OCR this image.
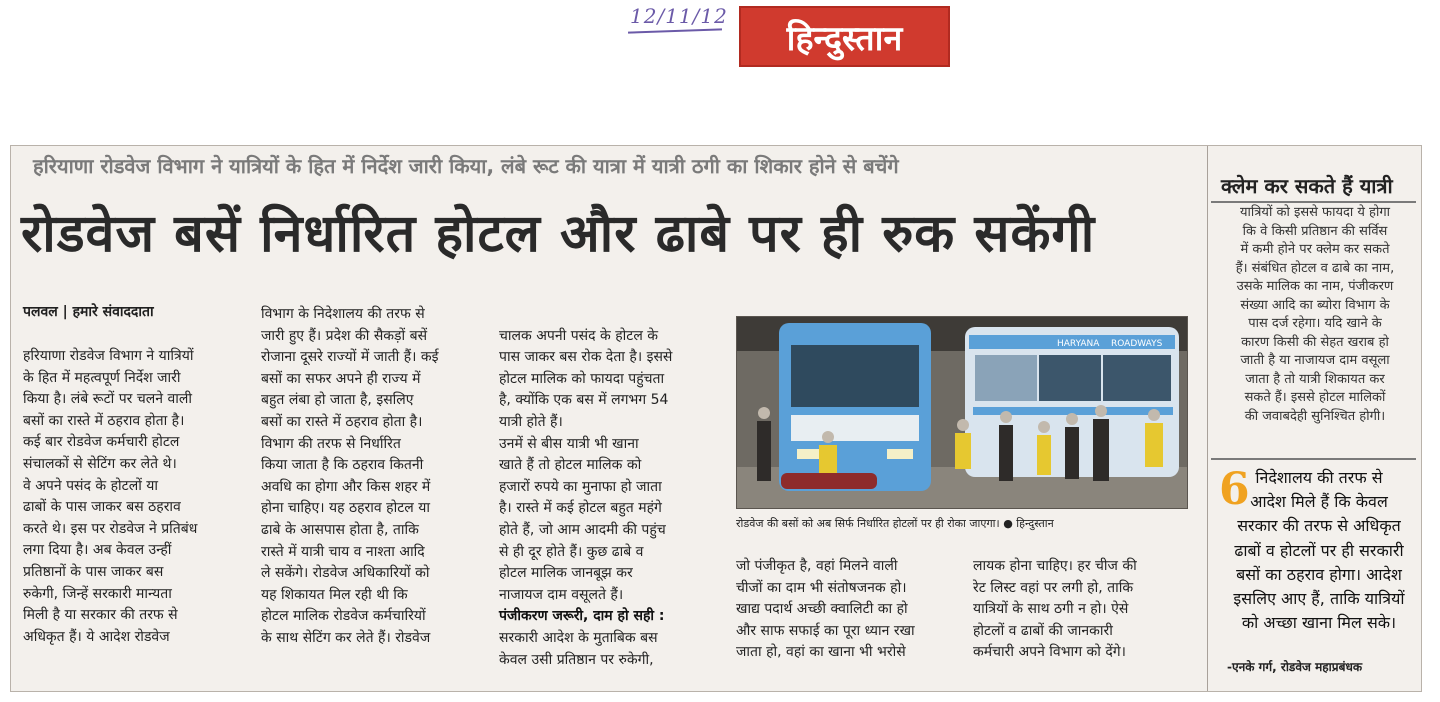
12/11/12
हिन्दुस्तान
हरियाणा रोडवेज विभाग ने यात्रियों के हित में निर्देश जारी किया, लंबे रूट की यात्रा में यात्री ठगी का शिकार होने से बचेंगे
रोडवेज बसें निर्धारित होटल और ढाबे पर ही रुक सकेंगी
पलवल | हमारे संवाददाता
हरियाणा रोडवेज विभाग ने यात्रियों
के हित में महत्वपूर्ण निर्देश जारी
किया है। लंबे रूटों पर चलने वाली
बसों का रास्ते में ठहराव होता है।
कई बार रोडवेज कर्मचारी होटल
संचालकों से सेटिंग कर लेते थे।
वे अपने पसंद के होटलों या
ढाबों के पास जाकर बस ठहराव
करते थे। इस पर रोडवेज ने प्रतिबंध
लगा दिया है। अब केवल उन्हीं
प्रतिष्ठानों के पास जाकर बस
रुकेगी, जिन्हें सरकारी मान्यता
मिली है या सरकार की तरफ से
अधिकृत हैं। ये आदेश रोडवेज
विभाग के निदेशालय की तरफ से
जारी हुए हैं। प्रदेश की सैकड़ों बसें
रोजाना दूसरे राज्यों में जाती हैं। कई
बसों का सफर अपने ही राज्य में
बहुत लंबा हो जाता है, इसलिए
बसों का रास्ते में ठहराव होता है।
विभाग की तरफ से निर्धारित
किया जाता है कि ठहराव कितनी
अवधि का होगा और किस शहर में
होना चाहिए। यह ठहराव होटल या
ढाबे के आसपास होता है, ताकि
रास्ते में यात्री चाय व नाश्ता आदि
ले सकेंगे। रोडवेज अधिकारियों को
यह शिकायत मिल रही थी कि
होटल मालिक रोडवेज कर्मचारियों
के साथ सेटिंग कर लेते हैं। रोडवेज

चालक अपनी पसंद के होटल के
पास जाकर बस रोक देता है। इससे
होटल मालिक को फायदा पहुंचता
है, क्योंकि एक बस में लगभग 54
यात्री होते हैं।
उनमें से बीस यात्री भी खाना
खाते हैं तो होटल मालिक को
हजारों रुपये का मुनाफा हो जाता
है। रास्ते में कई होटल बहुत महंगे
होते हैं, जो आम आदमी की पहुंच
से ही दूर होते हैं। कुछ ढाबे व
होटल मालिक जानबूझ कर
नाजायज दाम वसूलते हैं।
पंजीकरण जरूरी, दाम हो सही :
सरकारी आदेश के मुताबिक बस
केवल उसी प्रतिष्ठान पर रुकेगी,

HARYANA ROADWAYS
रोडवेज की बसों को अब सिर्फ निर्धारित होटलों पर ही रोका जाएगा। ● हिन्दुस्तान
जो पंजीकृत है, वहां मिलने वाली
चीजों का दाम भी संतोषजनक हो।
खाद्य पदार्थ अच्छी क्वालिटी का हो
और साफ सफाई का पूरा ध्यान रखा
जाता हो, वहां का खाना भी भरोसे
लायक होना चाहिए। हर चीज की
रेट लिस्ट वहां पर लगी हो, ताकि
यात्रियों के साथ ठगी न हो। ऐसे
होटलों व ढाबों की जानकारी
कर्मचारी अपने विभाग को देंगे।
क्लेम कर सकते हैं यात्री
यात्रियों को इससे फायदा ये होगा
कि वे किसी प्रतिष्ठान की सर्विस
में कमी होने पर क्लेम कर सकते
हैं। संबंधित होटल व ढाबे का नाम,
उसके मालिक का नाम, पंजीकरण
संख्या आदि का ब्योरा विभाग के
पास दर्ज रहेगा। यदि खाने के
कारण किसी की सेहत खराब हो
जाती है या नाजायज दाम वसूला
जाता है तो यात्री शिकायत कर
सकते हैं। इससे होटल मालिकों
की जवाबदेही सुनिश्चित होगी।
6 निदेशालय की तरफ से
आदेश मिले हैं कि केवल
सरकार की तरफ से अधिकृत
ढाबों व होटलों पर ही सरकारी
बसों का ठहराव होगा। आदेश
इसलिए आए हैं, ताकि यात्रियों
को अच्छा खाना मिल सके।
-एनके गर्ग, रोडवेज महाप्रबंधक
